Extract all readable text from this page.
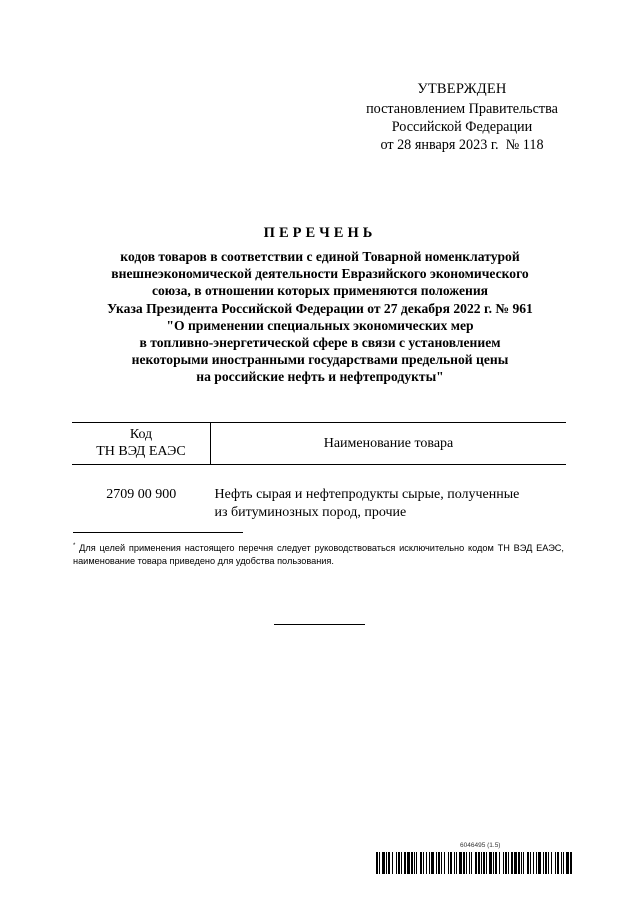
УТВЕРЖДЕН
постановлением Правительства
Российской Федерации
от 28 января 2023 г.  № 118
ПЕРЕЧЕНЬ
кодов товаров в соответствии с единой Товарной номенклатурой
внешнеэкономической деятельности Евразийского экономического
союза, в отношении которых применяются положения
Указа Президента Российской Федерации от 27 декабря 2022 г. № 961
"О применении специальных экономических мер
в топливно-энергетической сфере в связи с установлением
некоторыми иностранными государствами предельной цены
на российские нефть и нефтепродукты"
Код
ТН ВЭД ЕАЭС	Наименование товара
2709 00 900	Нефть сырая и нефтепродукты сырые, полученные
из битуминозных пород, прочие
* Для целей применения настоящего перечня следует руководствоваться исключительно кодом ТН ВЭД ЕАЭС, наименование товара приведено для удобства пользования.
6046495 (1.5)
